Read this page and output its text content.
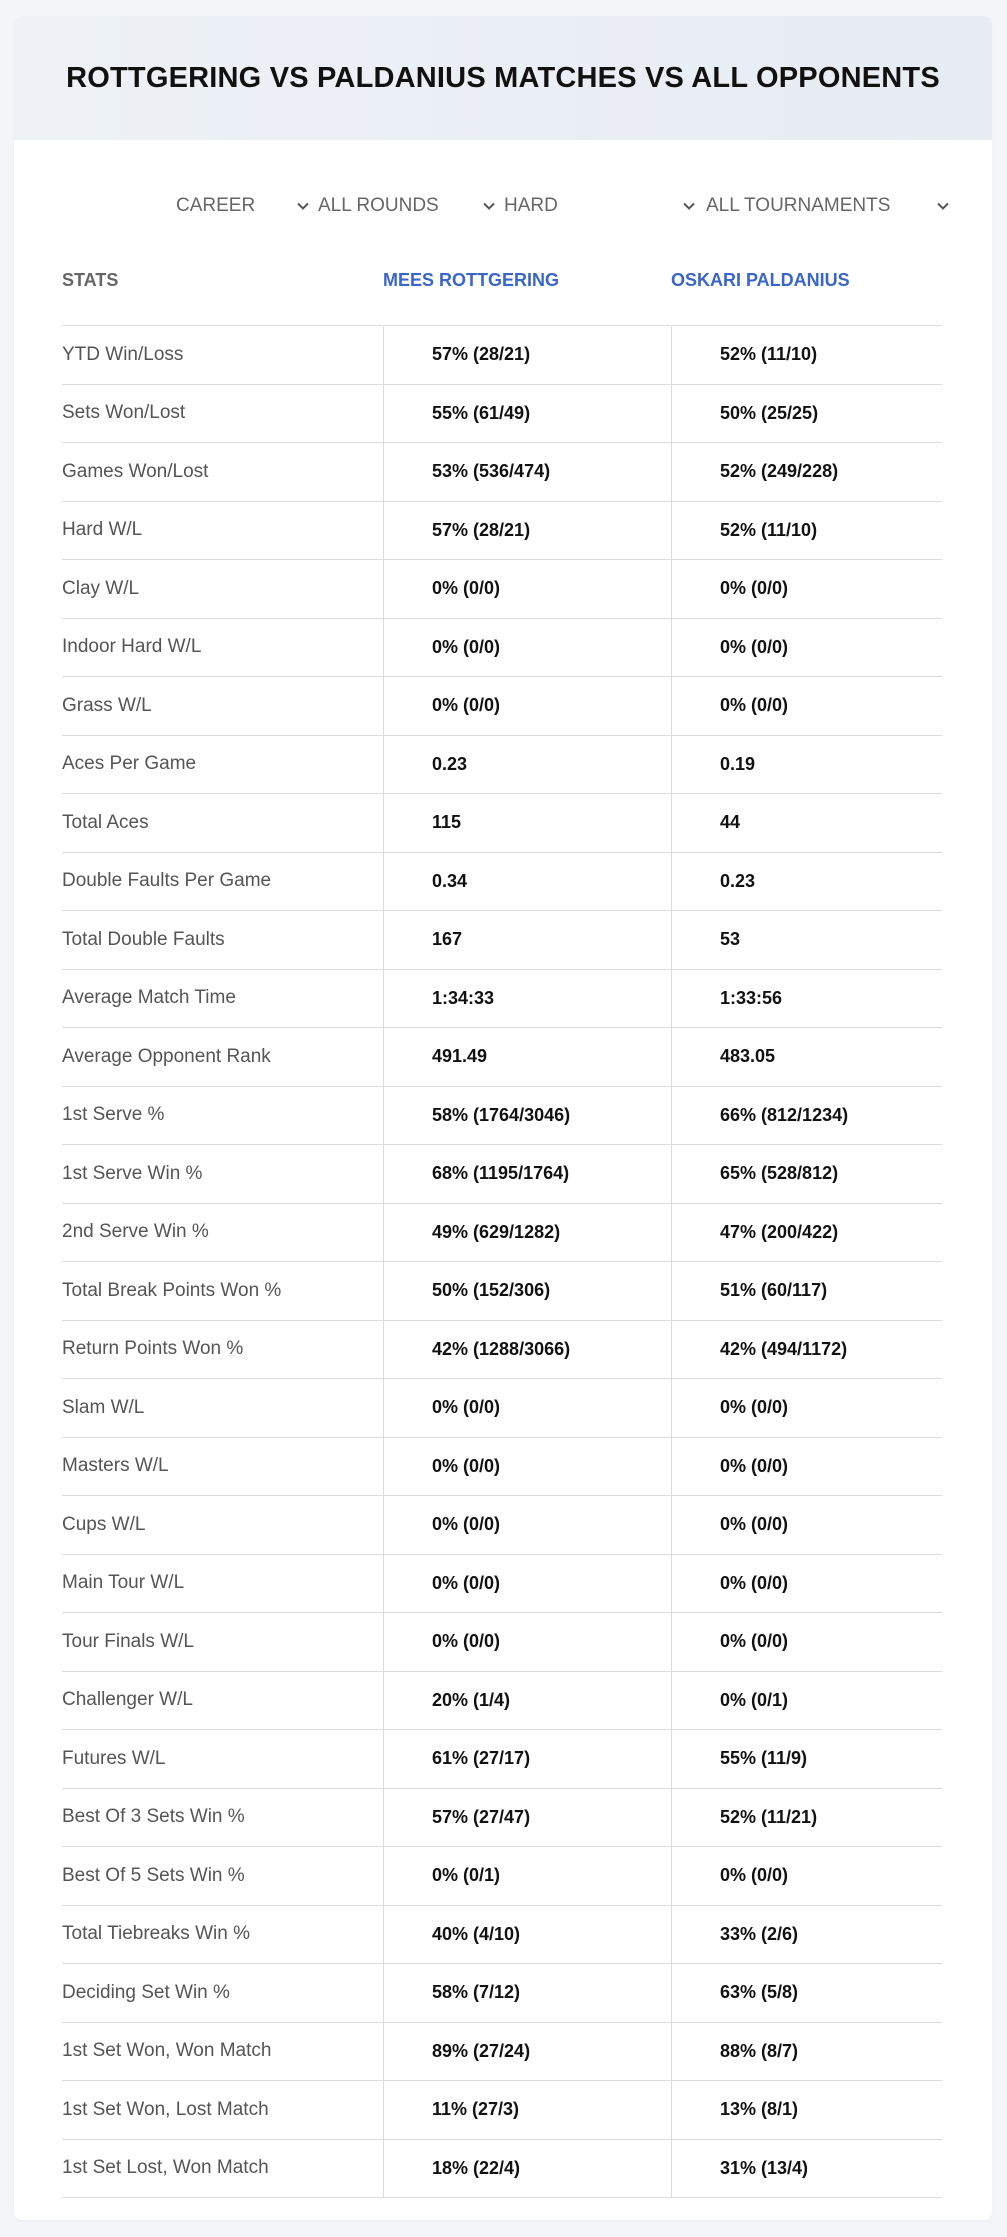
ROTTGERING VS PALDANIUS MATCHES VS ALL OPPONENTS
CAREER	ALL ROUNDS	HARD	ALL TOURNAMENTS
STATS	MEES ROTTGERING	OSKARI PALDANIUS
YTD Win/Loss	57% (28/21)	52% (11/10)
Sets Won/Lost	55% (61/49)	50% (25/25)
Games Won/Lost	53% (536/474)	52% (249/228)
Hard W/L	57% (28/21)	52% (11/10)
Clay W/L	0% (0/0)	0% (0/0)
Indoor Hard W/L	0% (0/0)	0% (0/0)
Grass W/L	0% (0/0)	0% (0/0)
Aces Per Game	0.23	0.19
Total Aces	115	44
Double Faults Per Game	0.34	0.23
Total Double Faults	167	53
Average Match Time	1:34:33	1:33:56
Average Opponent Rank	491.49	483.05
1st Serve %	58% (1764/3046)	66% (812/1234)
1st Serve Win %	68% (1195/1764)	65% (528/812)
2nd Serve Win %	49% (629/1282)	47% (200/422)
Total Break Points Won %	50% (152/306)	51% (60/117)
Return Points Won %	42% (1288/3066)	42% (494/1172)
Slam W/L	0% (0/0)	0% (0/0)
Masters W/L	0% (0/0)	0% (0/0)
Cups W/L	0% (0/0)	0% (0/0)
Main Tour W/L	0% (0/0)	0% (0/0)
Tour Finals W/L	0% (0/0)	0% (0/0)
Challenger W/L	20% (1/4)	0% (0/1)
Futures W/L	61% (27/17)	55% (11/9)
Best Of 3 Sets Win %	57% (27/47)	52% (11/21)
Best Of 5 Sets Win %	0% (0/1)	0% (0/0)
Total Tiebreaks Win %	40% (4/10)	33% (2/6)
Deciding Set Win %	58% (7/12)	63% (5/8)
1st Set Won, Won Match	89% (27/24)	88% (8/7)
1st Set Won, Lost Match	11% (27/3)	13% (8/1)
1st Set Lost, Won Match	18% (22/4)	31% (13/4)
